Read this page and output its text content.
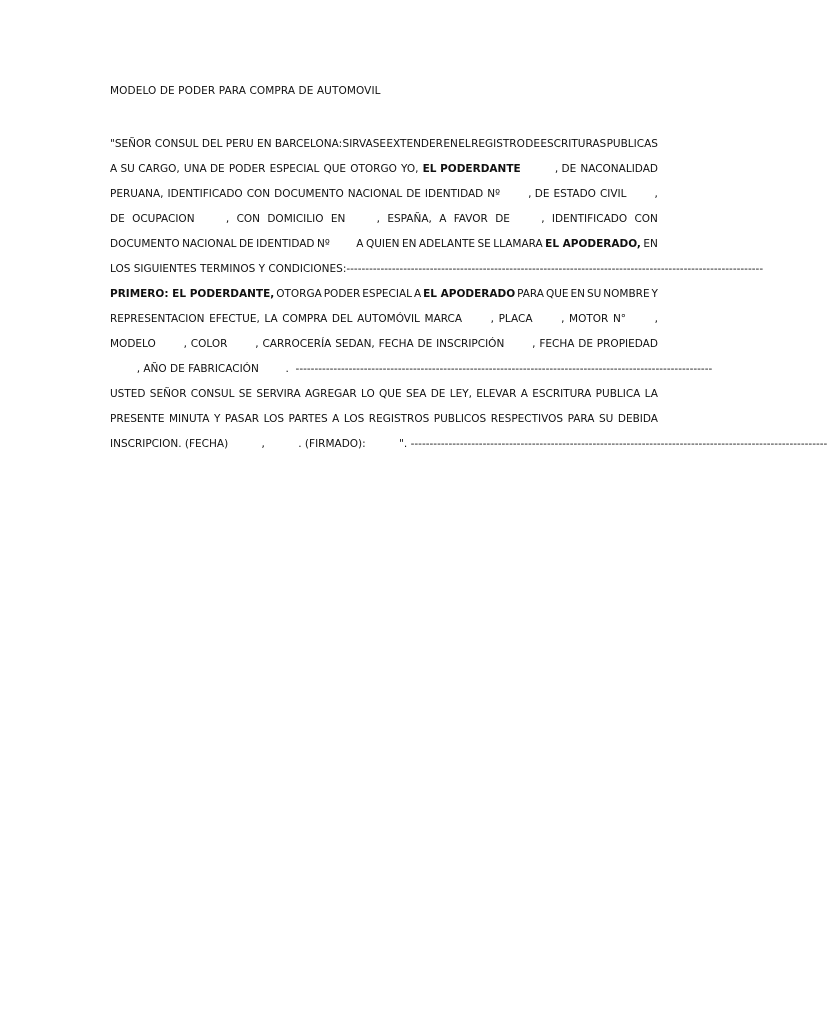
MODELO DE PODER PARA COMPRA DE AUTOMOVIL
"SEÑOR CONSUL DEL PERU EN BARCELONA: SIRVASE EXTENDER EN EL REGISTRO DE ESCRITURAS PUBLICAS
A SU CARGO, UNA DE PODER ESPECIAL QUE OTORGO YO, EL PODERDANTE	, DE NACONALIDAD
PERUANA, IDENTIFICADO CON DOCUMENTO NACIONAL DE IDENTIDAD Nº	, DE ESTADO CIVIL	,
DE OCUPACION	, CON DOMICILIO EN	, ESPAÑA, A FAVOR DE	, IDENTIFICADO CON
DOCUMENTO NACIONAL DE IDENTIDAD Nº	A QUIEN EN ADELANTE SE LLAMARA EL APODERADO, EN
LOS SIGUIENTES TERMINOS Y CONDICIONES: --------------------------------------------------------------------------------------------------------------
PRIMERO: EL PODERDANTE, OTORGA PODER ESPECIAL A EL APODERADO PARA QUE EN SU NOMBRE Y
REPRESENTACION EFECTUE, LA COMPRA DEL AUTOMÓVIL MARCA	, PLACA	, MOTOR N°	,
MODELO	, COLOR	, CARROCERÍA SEDAN, FECHA DE INSCRIPCIÓN	, FECHA DE PROPIEDAD
, AÑO DE FABRICACIÓN        . --------------------------------------------------------------------------------------------------------------
USTED SEÑOR CONSUL SE SERVIRA AGREGAR LO QUE SEA DE LEY, ELEVAR A ESCRITURA PUBLICA LA
PRESENTE MINUTA Y PASAR LOS PARTES A LOS REGISTROS PUBLICOS RESPECTIVOS PARA SU DEBIDA
INSCRIPCION. (FECHA)          ,          . (FIRMADO):          ". --------------------------------------------------------------------------------------------------------------
